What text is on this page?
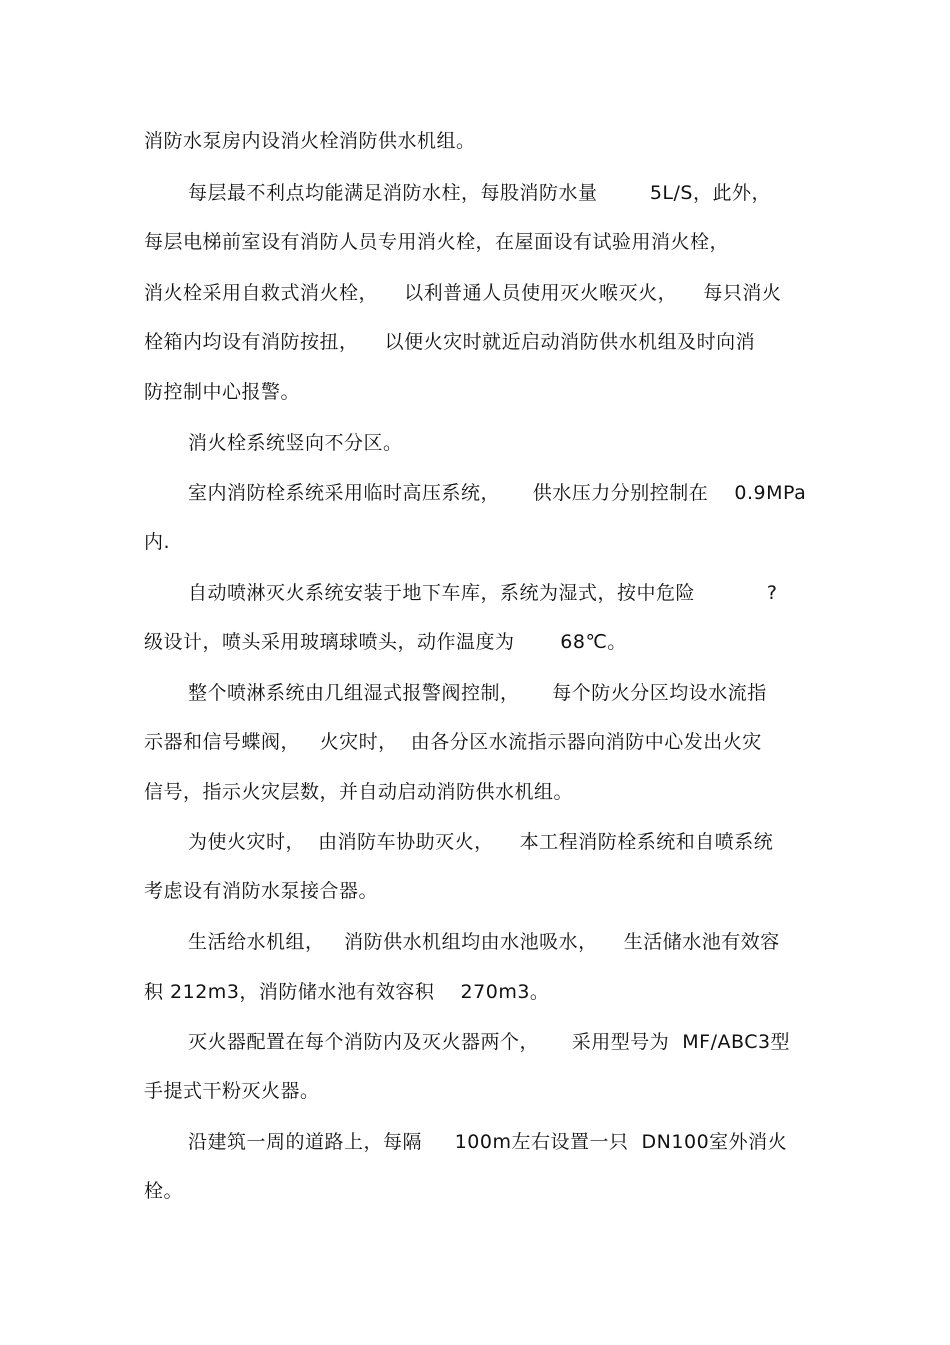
消防水泵房内设消火栓消防供水机组。
每层最不利点均能满足消防水柱，每股消防水量        5L/S，此外，
每层电梯前室设有消防人员专用消火栓，在屋面设有试验用消火栓，
消火栓采用自救式消火栓，    以利普通人员使用灭火喉灭火，    每只消火
栓箱内均设有消防按扭，    以便火灾时就近启动消防供水机组及时向消
防控制中心报警。
消火栓系统竖向不分区。
室内消防栓系统采用临时高压系统，     供水压力分别控制在    0.9MPa
内.
自动喷淋灭火系统安装于地下车库，系统为湿式，按中危险           ?
级设计，喷头采用玻璃球喷头，动作温度为       68℃。
整个喷淋系统由几组湿式报警阀控制，     每个防火分区均设水流指
示器和信号蝶阀，   火灾时，  由各分区水流指示器向消防中心发出火灾
信号，指示火灾层数，并自动启动消防供水机组。
为使火灾时，  由消防车协助灭火，    本工程消防栓系统和自喷系统
考虑设有消防水泵接合器。
生活给水机组，   消防供水机组均由水池吸水，    生活储水池有效容
积 212m3，消防储水池有效容积    270m3。
灭火器配置在每个消防内及灭火器两个，     采用型号为  MF/ABC3型
手提式干粉灭火器。
沿建筑一周的道路上，每隔     100m左右设置一只  DN100室外消火
栓。
